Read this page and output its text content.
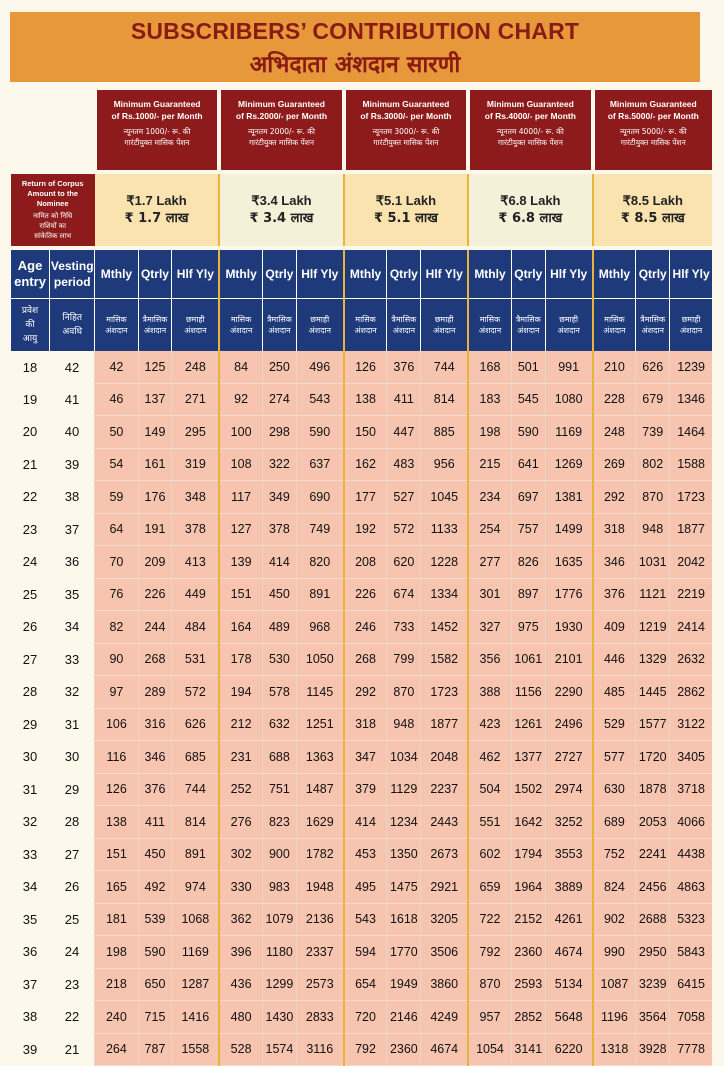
SUBSCRIBERS’ CONTRIBUTION CHART
अभिदाता अंशदान सारणी

		Minimum Guaranteed
of Rs.1000/- per Month
न्यूनतम 1000/- रू. की
गारंटीयुक्त मासिक पेंशन			Minimum Guaranteed
of Rs.2000/- per Month
न्यूनतम 2000/- रू. की
गारंटीयुक्त मासिक पेंशन			Minimum Guaranteed
of Rs.3000/- per Month
न्यूनतम 3000/- रू. की
गारंटीयुक्त मासिक पेंशन			Minimum Guaranteed
of Rs.4000/- per Month
न्यूनतम 4000/- रू. की
गारंटीयुक्त मासिक पेंशन			Minimum Guaranteed
of Rs.5000/- per Month
न्यूनतम 5000/- रू. की
गारंटीयुक्त मासिक पेंशन		

Return of Corpus
Amount to the Nominee
नामित को निधि
राशियों का
सांकेतिक लाभ		₹1.7 Lakh
₹ 1.7 लाख			₹3.4 Lakh
₹ 3.4 लाख			₹5.1 Lakh
₹ 5.1 लाख			₹6.8 Lakh
₹ 6.8 लाख			₹8.5 Lakh
₹ 8.5 लाख		

Age
entry	Vesting
period	Mthly	Qtrly	Hlf Yly	Mthly	Qtrly	Hlf Yly	Mthly	Qtrly	Hlf Yly	Mthly	Qtrly	Hlf Yly	Mthly	Qtrly	Hlf Yly
प्रवेश
की
आयु	निहित
अवधि	मासिक
अंशदान	त्रैमासिक
अंशदान	छमाही
अंशदान	मासिक
अंशदान	त्रैमासिक
अंशदान	छमाही
अंशदान	मासिक
अंशदान	त्रैमासिक
अंशदान	छमाही
अंशदान	मासिक
अंशदान	त्रैमासिक
अंशदान	छमाही
अंशदान	मासिक
अंशदान	त्रैमासिक
अंशदान	छमाही
अंशदान
18	42	42	125	248	84	250	496	126	376	744	168	501	991	210	626	1239
19	41	46	137	271	92	274	543	138	411	814	183	545	1080	228	679	1346
20	40	50	149	295	100	298	590	150	447	885	198	590	1169	248	739	1464
21	39	54	161	319	108	322	637	162	483	956	215	641	1269	269	802	1588
22	38	59	176	348	117	349	690	177	527	1045	234	697	1381	292	870	1723
23	37	64	191	378	127	378	749	192	572	1133	254	757	1499	318	948	1877
24	36	70	209	413	139	414	820	208	620	1228	277	826	1635	346	1031	2042
25	35	76	226	449	151	450	891	226	674	1334	301	897	1776	376	1121	2219
26	34	82	244	484	164	489	968	246	733	1452	327	975	1930	409	1219	2414
27	33	90	268	531	178	530	1050	268	799	1582	356	1061	2101	446	1329	2632
28	32	97	289	572	194	578	1145	292	870	1723	388	1156	2290	485	1445	2862
29	31	106	316	626	212	632	1251	318	948	1877	423	1261	2496	529	1577	3122
30	30	116	346	685	231	688	1363	347	1034	2048	462	1377	2727	577	1720	3405
31	29	126	376	744	252	751	1487	379	1129	2237	504	1502	2974	630	1878	3718
32	28	138	411	814	276	823	1629	414	1234	2443	551	1642	3252	689	2053	4066
33	27	151	450	891	302	900	1782	453	1350	2673	602	1794	3553	752	2241	4438
34	26	165	492	974	330	983	1948	495	1475	2921	659	1964	3889	824	2456	4863
35	25	181	539	1068	362	1079	2136	543	1618	3205	722	2152	4261	902	2688	5323
36	24	198	590	1169	396	1180	2337	594	1770	3506	792	2360	4674	990	2950	5843
37	23	218	650	1287	436	1299	2573	654	1949	3860	870	2593	5134	1087	3239	6415
38	22	240	715	1416	480	1430	2833	720	2146	4249	957	2852	5648	1196	3564	7058
39	21	264	787	1558	528	1574	3116	792	2360	4674	1054	3141	6220	1318	3928	7778
